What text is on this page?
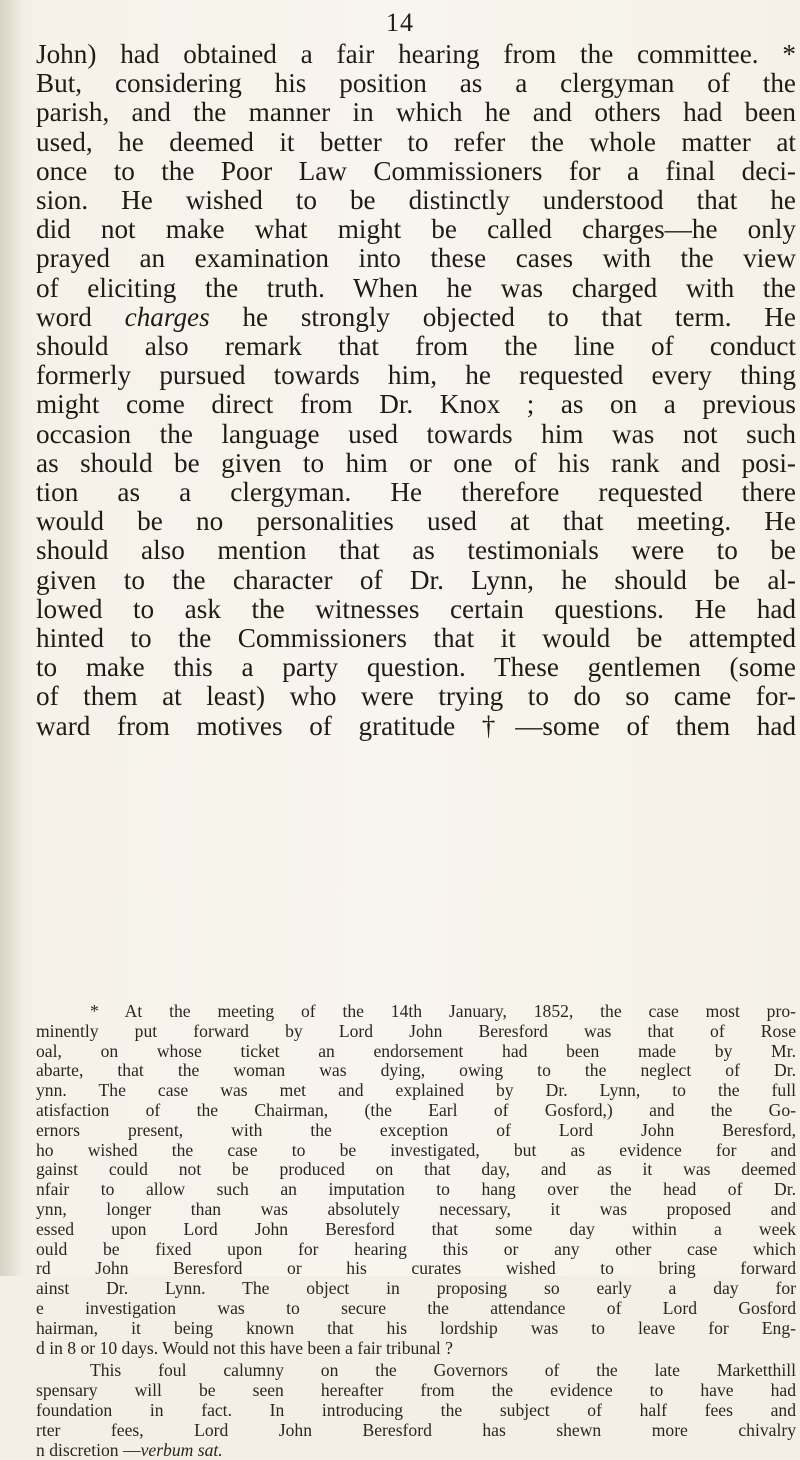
14
John) had obtained a fair hearing from the committee. *
But, considering his position as a clergyman of the
parish, and the manner in which he and others had been
used, he deemed it better to refer the whole matter at
once to the Poor Law Commissioners for a final deci-
sion. He wished to be distinctly understood that he
did not make what might be called charges—he only
prayed an examination into these cases with the view
of eliciting the truth. When he was charged with the
word charges he strongly objected to that term. He
should also remark that from the line of conduct
formerly pursued towards him, he requested every thing
might come direct from Dr. Knox ; as on a previous
occasion the language used towards him was not such
as should be given to him or one of his rank and posi-
tion as a clergyman. He therefore requested there
would be no personalities used at that meeting. He
should also mention that as testimonials were to be
given to the character of Dr. Lynn, he should be al-
lowed to ask the witnesses certain questions. He had
hinted to the Commissioners that it would be attempted
to make this a party question. These gentlemen (some
of them at least) who were trying to do so came for-
ward from motives of gratitude †—some of them had
* At the meeting of the 14th January, 1852, the case most pro-
minently put forward by Lord John Beresford was that of Rose
oal, on whose ticket an endorsement had been made by Mr.
abarte, that the woman was dying, owing to the neglect of Dr.
ynn. The case was met and explained by Dr. Lynn, to the full
atisfaction of the Chairman, (the Earl of Gosford,) and the Go-
ernors present, with the exception of Lord John Beresford,
ho wished the case to be investigated, but as evidence for and
gainst could not be produced on that day, and as it was deemed
nfair to allow such an imputation to hang over the head of Dr.
ynn, longer than was absolutely necessary, it was proposed and
essed upon Lord John Beresford that some day within a week
ould be fixed upon for hearing this or any other case which
rd John Beresford or his curates wished to bring forward
ainst Dr. Lynn. The object in proposing so early a day for
e investigation was to secure the attendance of Lord Gosford
hairman, it being known that his lordship was to leave for Eng-
d in 8 or 10 days. Would not this have been a fair tribunal ?
This foul calumny on the Governors of the late Marketthill
spensary will be seen hereafter from the evidence to have had
foundation in fact. In introducing the subject of half fees and
rter fees, Lord John Beresford has shewn more chivalry
n discretion —verbum sat.
